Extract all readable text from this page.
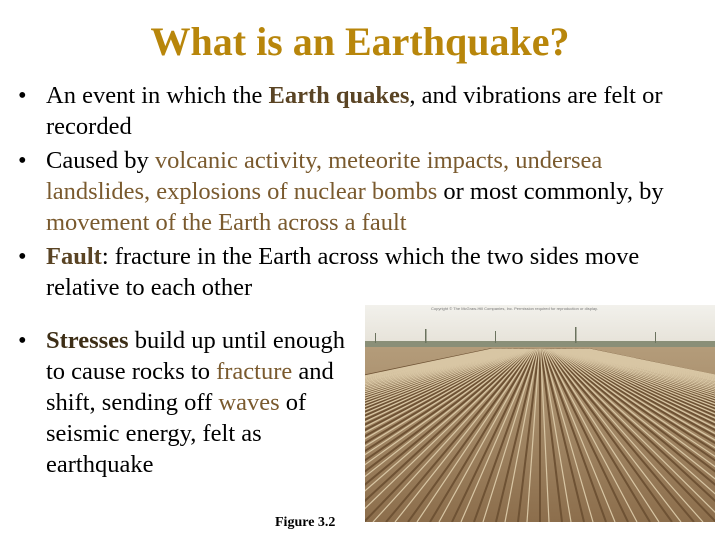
What is an Earthquake?
• An event in which the Earth quakes, and vibrations are felt or recorded
• Caused by volcanic activity, meteorite impacts, undersea landslides, explosions of nuclear bombs or most commonly, by movement of the Earth across a fault
• Fault: fracture in the Earth across which the two sides move relative to each other
• Stresses build up until enough to cause rocks to fracture and shift, sending off waves of seismic energy, felt as earthquake
Copyright © The McGraw-Hill Companies, Inc. Permission required for reproduction or display.
Figure 3.2
